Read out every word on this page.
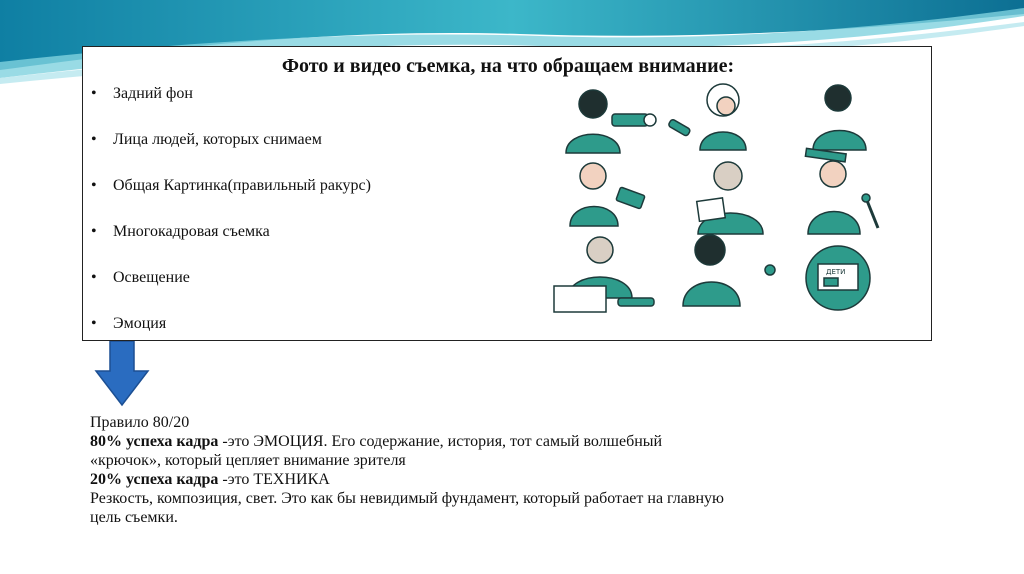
Фото и видео съемка, на что обращаем внимание:
• Задний фон
• Лица людей, которых снимаем
• Общая Картинка(правильный ракурс)
• Многокадровая съемка
• Освещение
• Эмоция
ДЕТИ
Правило 80/20
80% успеха кадра -это ЭМОЦИЯ. Его содержание, история, тот самый волшебный «крючок», который цепляет внимание зрителя
20% успеха кадра -это ТЕХНИКА
Резкость, композиция, свет. Это как бы невидимый фундамент, который работает на главную цель съемки.
